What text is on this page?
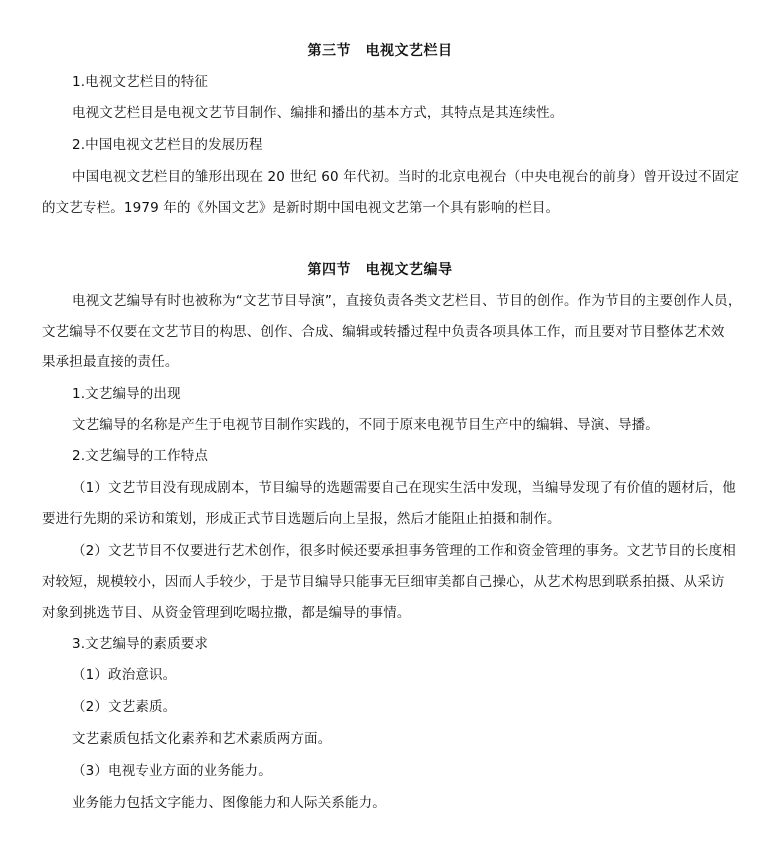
第三节　电视文艺栏目
1.电视文艺栏目的特征
电视文艺栏目是电视文艺节目制作、编排和播出的基本方式，其特点是其连续性。
2.中国电视文艺栏目的发展历程
中国电视文艺栏目的雏形出现在 20 世纪 60 年代初。当时的北京电视台（中央电视台的前身）曾开设过不固定
的文艺专栏。1979 年的《外国文艺》是新时期中国电视文艺第一个具有影响的栏目。
第四节　电视文艺编导
电视文艺编导有时也被称为“文艺节目导演”，直接负责各类文艺栏目、节目的创作。作为节目的主要创作人员，
文艺编导不仅要在文艺节目的构思、创作、合成、编辑或转播过程中负责各项具体工作，而且要对节目整体艺术效
果承担最直接的责任。
1.文艺编导的出现
文艺编导的名称是产生于电视节目制作实践的，不同于原来电视节目生产中的编辑、导演、导播。
2.文艺编导的工作特点
（1）文艺节目没有现成剧本，节目编导的选题需要自己在现实生活中发现，当编导发现了有价值的题材后，他
要进行先期的采访和策划，形成正式节目选题后向上呈报，然后才能阻止拍摄和制作。
（2）文艺节目不仅要进行艺术创作，很多时候还要承担事务管理的工作和资金管理的事务。文艺节目的长度相
对较短，规模较小，因而人手较少，于是节目编导只能事无巨细审美都自己操心，从艺术构思到联系拍摄、从采访
对象到挑选节目、从资金管理到吃喝拉撒，都是编导的事情。
3.文艺编导的素质要求
（1）政治意识。
（2）文艺素质。
文艺素质包括文化素养和艺术素质两方面。
（3）电视专业方面的业务能力。
业务能力包括文字能力、图像能力和人际关系能力。
